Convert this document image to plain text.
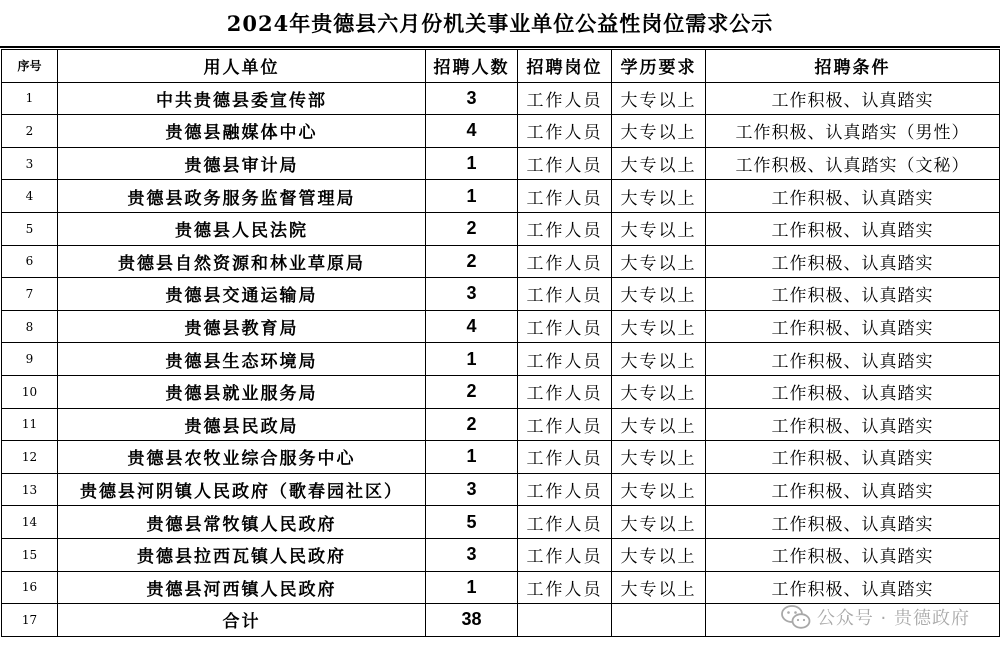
2024年贵德县六月份机关事业单位公益性岗位需求公示
序号	用人单位	招聘人数	招聘岗位	学历要求	招聘条件
1	中共贵德县委宣传部	3	工作人员	大专以上	工作积极、认真踏实
2	贵德县融媒体中心	4	工作人员	大专以上	工作积极、认真踏实（男性）
3	贵德县审计局	1	工作人员	大专以上	工作积极、认真踏实（文秘）
4	贵德县政务服务监督管理局	1	工作人员	大专以上	工作积极、认真踏实
5	贵德县人民法院	2	工作人员	大专以上	工作积极、认真踏实
6	贵德县自然资源和林业草原局	2	工作人员	大专以上	工作积极、认真踏实
7	贵德县交通运输局	3	工作人员	大专以上	工作积极、认真踏实
8	贵德县教育局	4	工作人员	大专以上	工作积极、认真踏实
9	贵德县生态环境局	1	工作人员	大专以上	工作积极、认真踏实
10	贵德县就业服务局	2	工作人员	大专以上	工作积极、认真踏实
11	贵德县民政局	2	工作人员	大专以上	工作积极、认真踏实
12	贵德县农牧业综合服务中心	1	工作人员	大专以上	工作积极、认真踏实
13	贵德县河阴镇人民政府（歌春园社区）	3	工作人员	大专以上	工作积极、认真踏实
14	贵德县常牧镇人民政府	5	工作人员	大专以上	工作积极、认真踏实
15	贵德县拉西瓦镇人民政府	3	工作人员	大专以上	工作积极、认真踏实
16	贵德县河西镇人民政府	1	工作人员	大专以上	工作积极、认真踏实
17	合计	38				公众号 · 贵德政府
